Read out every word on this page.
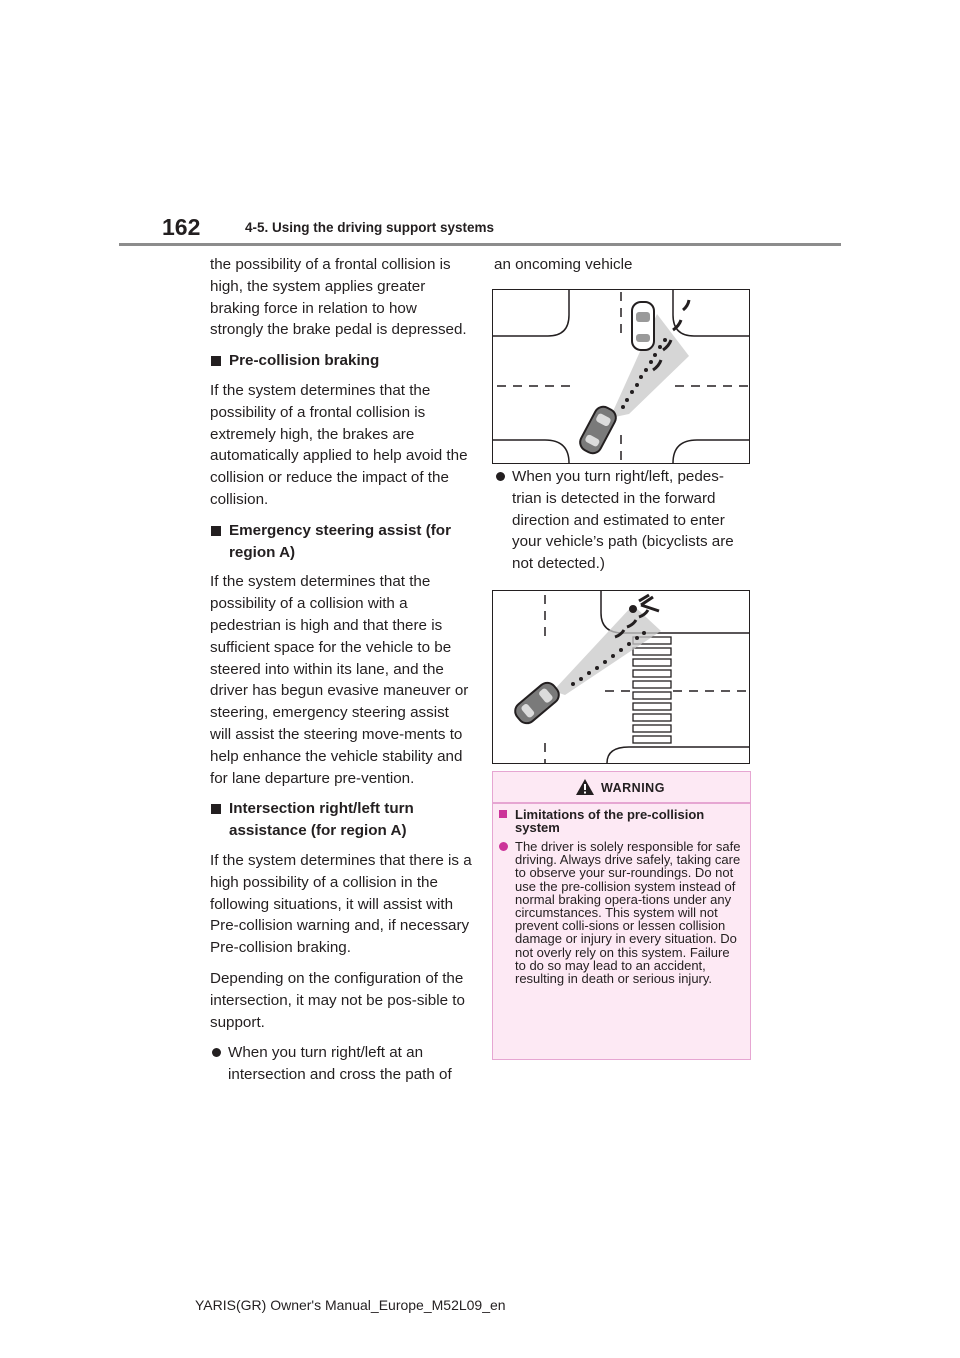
162	4-5. Using the driving support systems

the possibility of a frontal collision is high, the system applies greater braking force in relation to how strongly the brake pedal is depressed.

Pre-collision braking

If the system determines that the possibility of a frontal collision is extremely high, the brakes are automatically applied to help avoid the collision or reduce the impact of the collision.

Emergency steering assist (for region A)

If the system determines that the possibility of a collision with a pedestrian is high and that there is sufficient space for the vehicle to be steered into within its lane, and the driver has begun evasive maneuver or steering, emergency steering assist will assist the steering move-ments to help enhance the vehicle stability and for lane departure pre-vention.

Intersection right/left turn assistance (for region A)

If the system determines that there is a high possibility of a collision in the following situations, it will assist with Pre-collision warning and, if necessary Pre-collision braking.

Depending on the configuration of the intersection, it may not be pos-sible to support.

When you turn right/left at an intersection and cross the path of

an oncoming vehicle

When you turn right/left, pedes-trian is detected in the forward direction and estimated to enter your vehicle’s path (bicyclists are not detected.)

WARNING

Limitations of the pre-collision system

The driver is solely responsible for safe driving. Always drive safely, taking care to observe your sur-roundings. Do not use the pre-collision system instead of normal braking opera-tions under any circumstances. This system will not prevent colli-sions or lessen collision damage or injury in every situation. Do not overly rely on this system. Failure to do so may lead to an accident, resulting in death or serious injury.

YARIS(GR) Owner's Manual_Europe_M52L09_en
